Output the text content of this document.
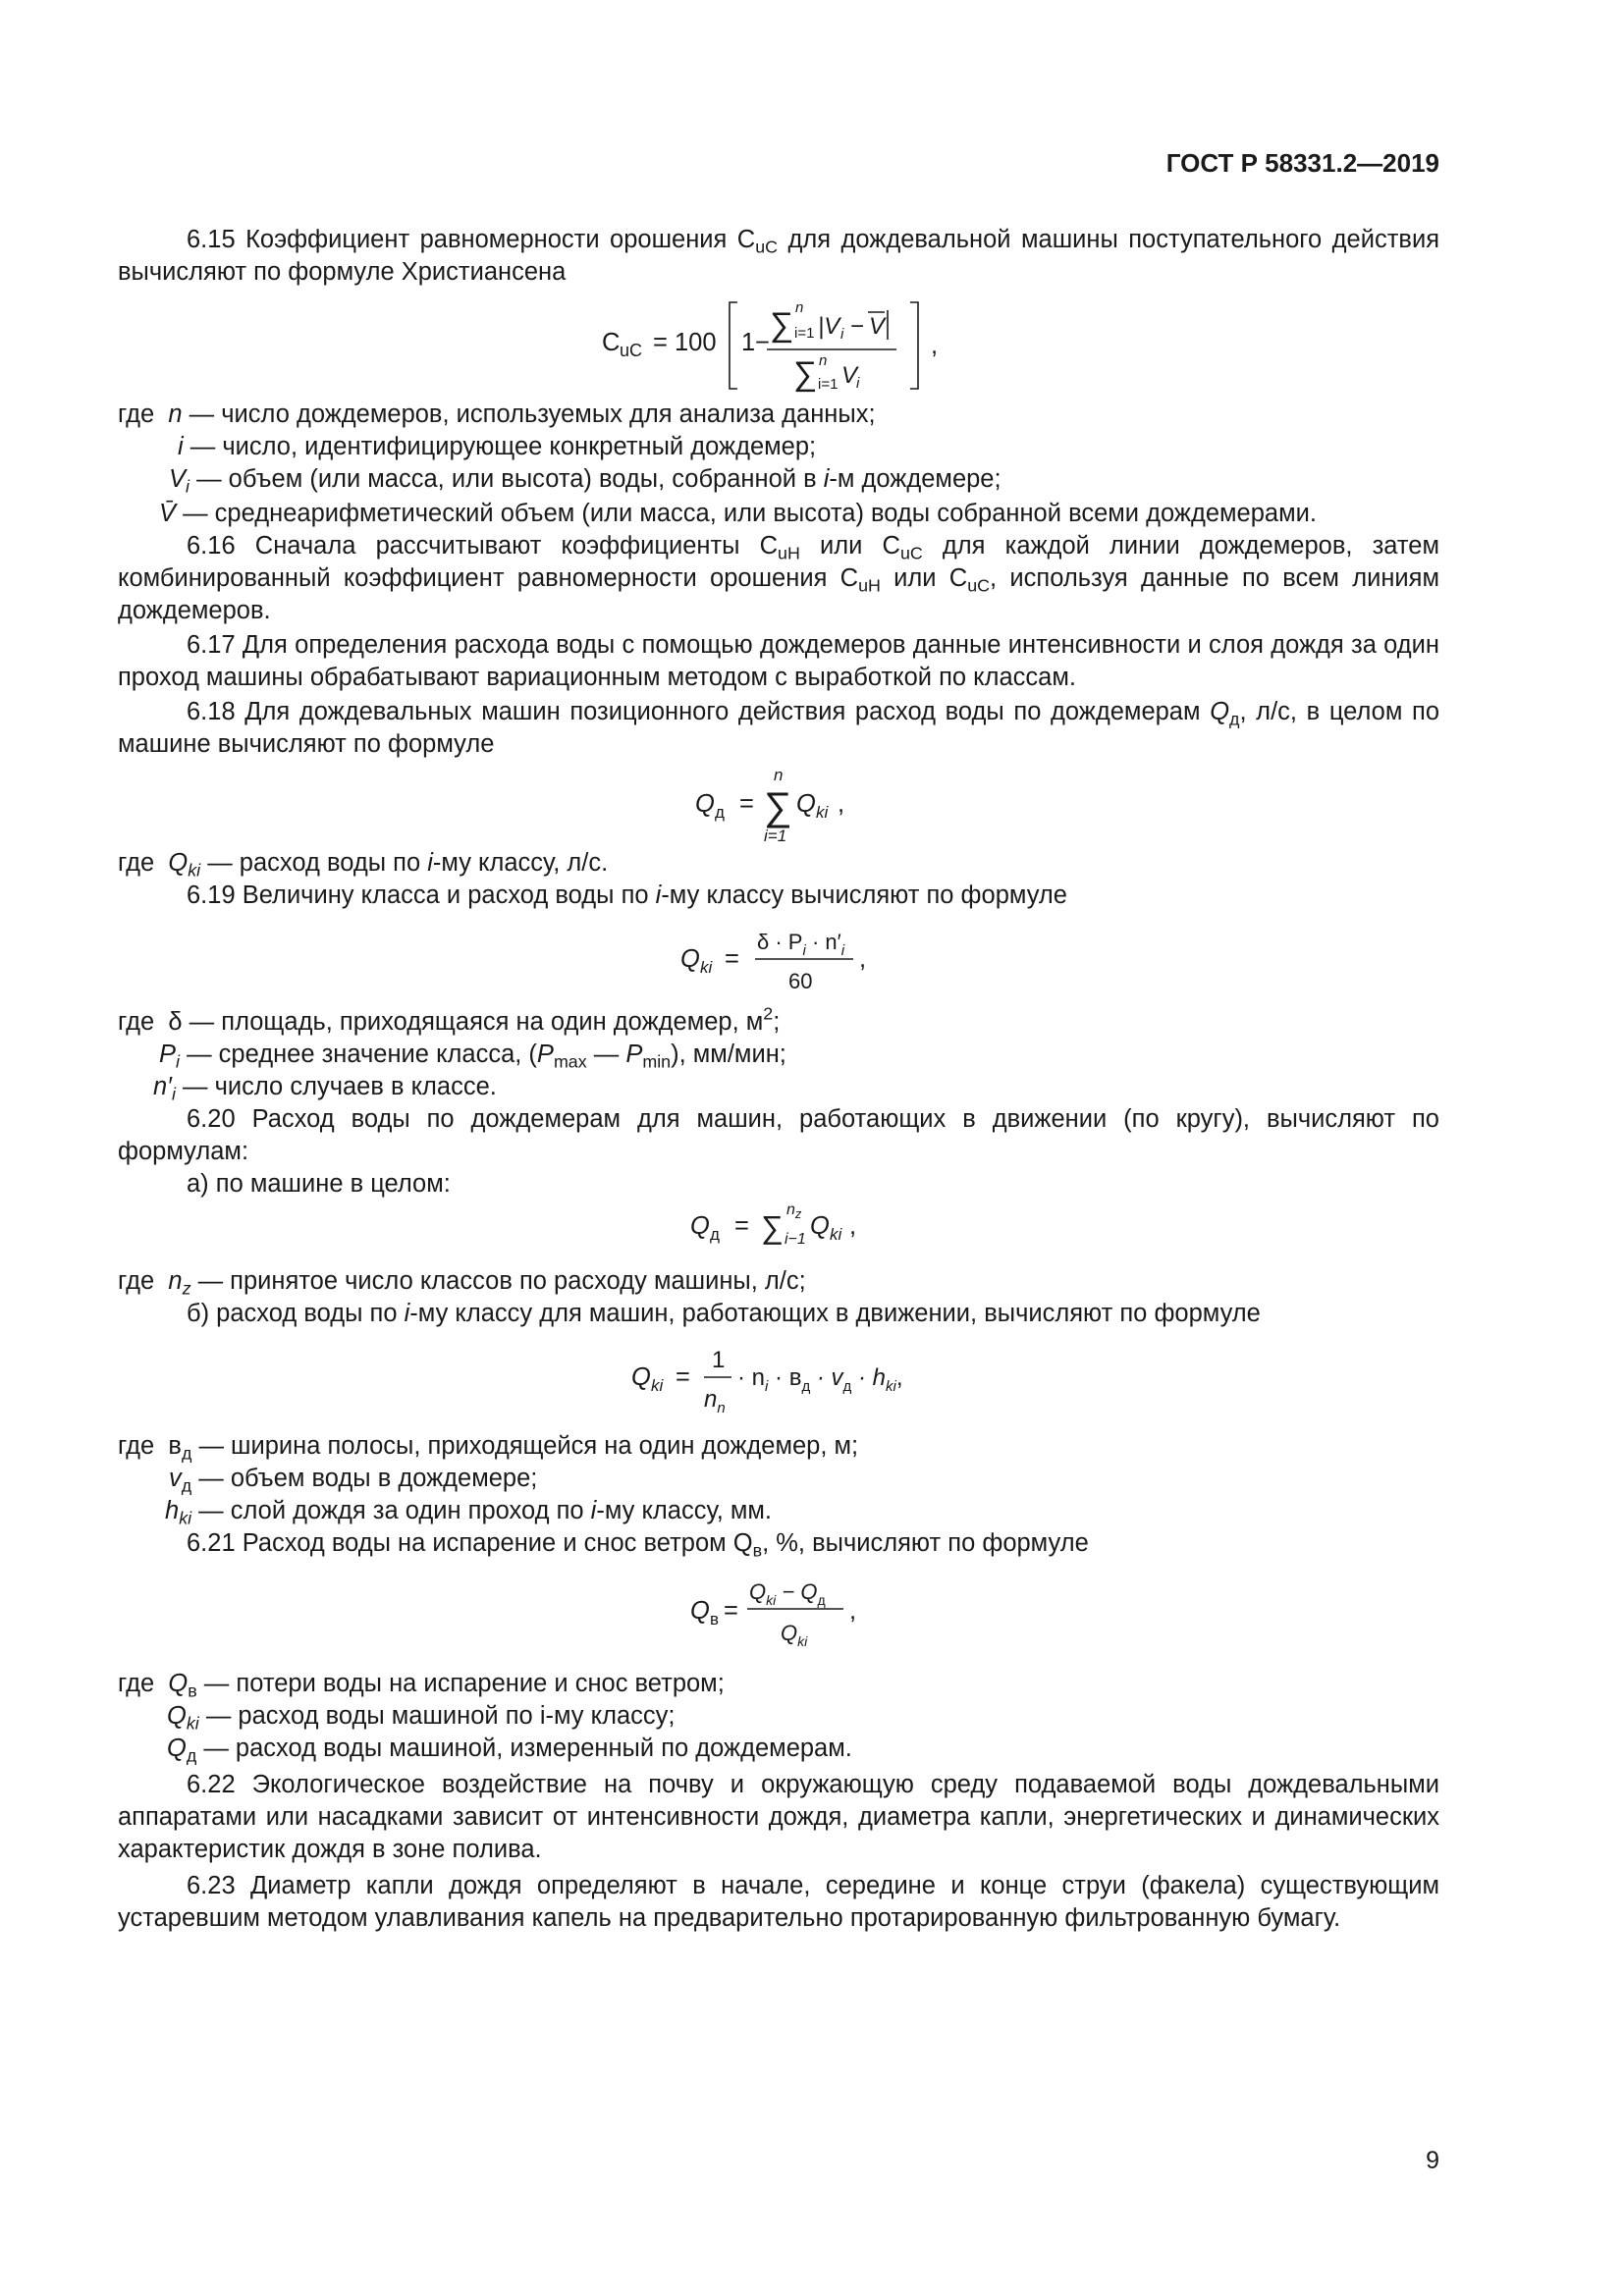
ГОСТ Р 58331.2—2019

6.15 Коэффициент равномерности орошения $C_{uC}$ для дождевальной машины поступательного действия вычисляют по формуле Христиансена

C uC = 100 1− ∑ n
i=1 |V i − V
∑ n
i=1 V
i
,
где n — число дождемеров, используемых для анализа данных;
i — число, идентифицирующее конкретный дождемер;
$V_i$ — объем (или масса, или высота) воды, собранной в i-м дождемере;
V̄ — среднеарифметический объем (или масса, или высота) воды собранной всеми дождемерами.

6.16 Сначала рассчитывают коэффициенты $C_{uH}$ или $C_{uC}$ для каждой линии дождемеров, затем комбинированный коэффициент равномерности орошения $C_{uH}$ или $C_{uC}$, используя данные по всем линиям дождемеров.

6.17 Для определения расхода воды с помощью дождемеров данные интенсивности и слоя дождя за один проход машины обрабатывают вариационным методом с выработкой по классам.

6.18 Для дождевальных машин позиционного действия расход воды по дождемерам $Q_д$, л/с, в целом по машине вычисляют по формуле

Q д =
n
∑
i=1
Q ki ,
где $Q_{ki}$ — расход воды по i-му классу, л/с.

6.19 Величину класса и расход воды по i-му классу вычисляют по формуле

Q ki =
$\delta \cdot P_i \cdot n'_i$
60
,
где δ — площадь, приходящаяся на один дождемер, $м^2$;
$P_i$ — среднее значение класса, ($P_{max}$ — $P_{min}$), мм/мин;
$n'_i$ — число случаев в классе.

6.20 Расход воды по дождемерам для машин, работающих в движении (по кругу), вычисляют по формулам:

а) по машине в целом:

Q д = ∑ $n_z$
i−1 Q ki ,
где $n_z$ — принятое число классов по расходу машины, л/с;

б) расход воды по i-му классу для машин, работающих в движении, вычисляют по формуле

Q ki =
1
$n_n$
· $n_i \cdot в_д \cdot v_д \cdot h_{ki}$,
где $в_д$ — ширина полосы, приходящейся на один дождемер, м;
$v_д$ — объем воды в дождемере;
$h_{ki}$ — слой дождя за один проход по i-му классу, мм.

6.21 Расход воды на испарение и снос ветром $Q_в$, %, вычисляют по формуле

Q в =
$Q_{ki} - Q_д$
$Q_{ki}$
,
где $Q_в$ — потери воды на испарение и снос ветром;
$Q_{ki}$ — расход воды машиной по i-му классу;
$Q_д$ — расход воды машиной, измеренный по дождемерам.

6.22 Экологическое воздействие на почву и окружающую среду подаваемой воды дождевальными аппаратами или насадками зависит от интенсивности дождя, диаметра капли, энергетических и динамических характеристик дождя в зоне полива.

6.23 Диаметр капли дождя определяют в начале, середине и конце струи (факела) существующим устаревшим методом улавливания капель на предварительно протарированную фильтрованную бумагу.

9
